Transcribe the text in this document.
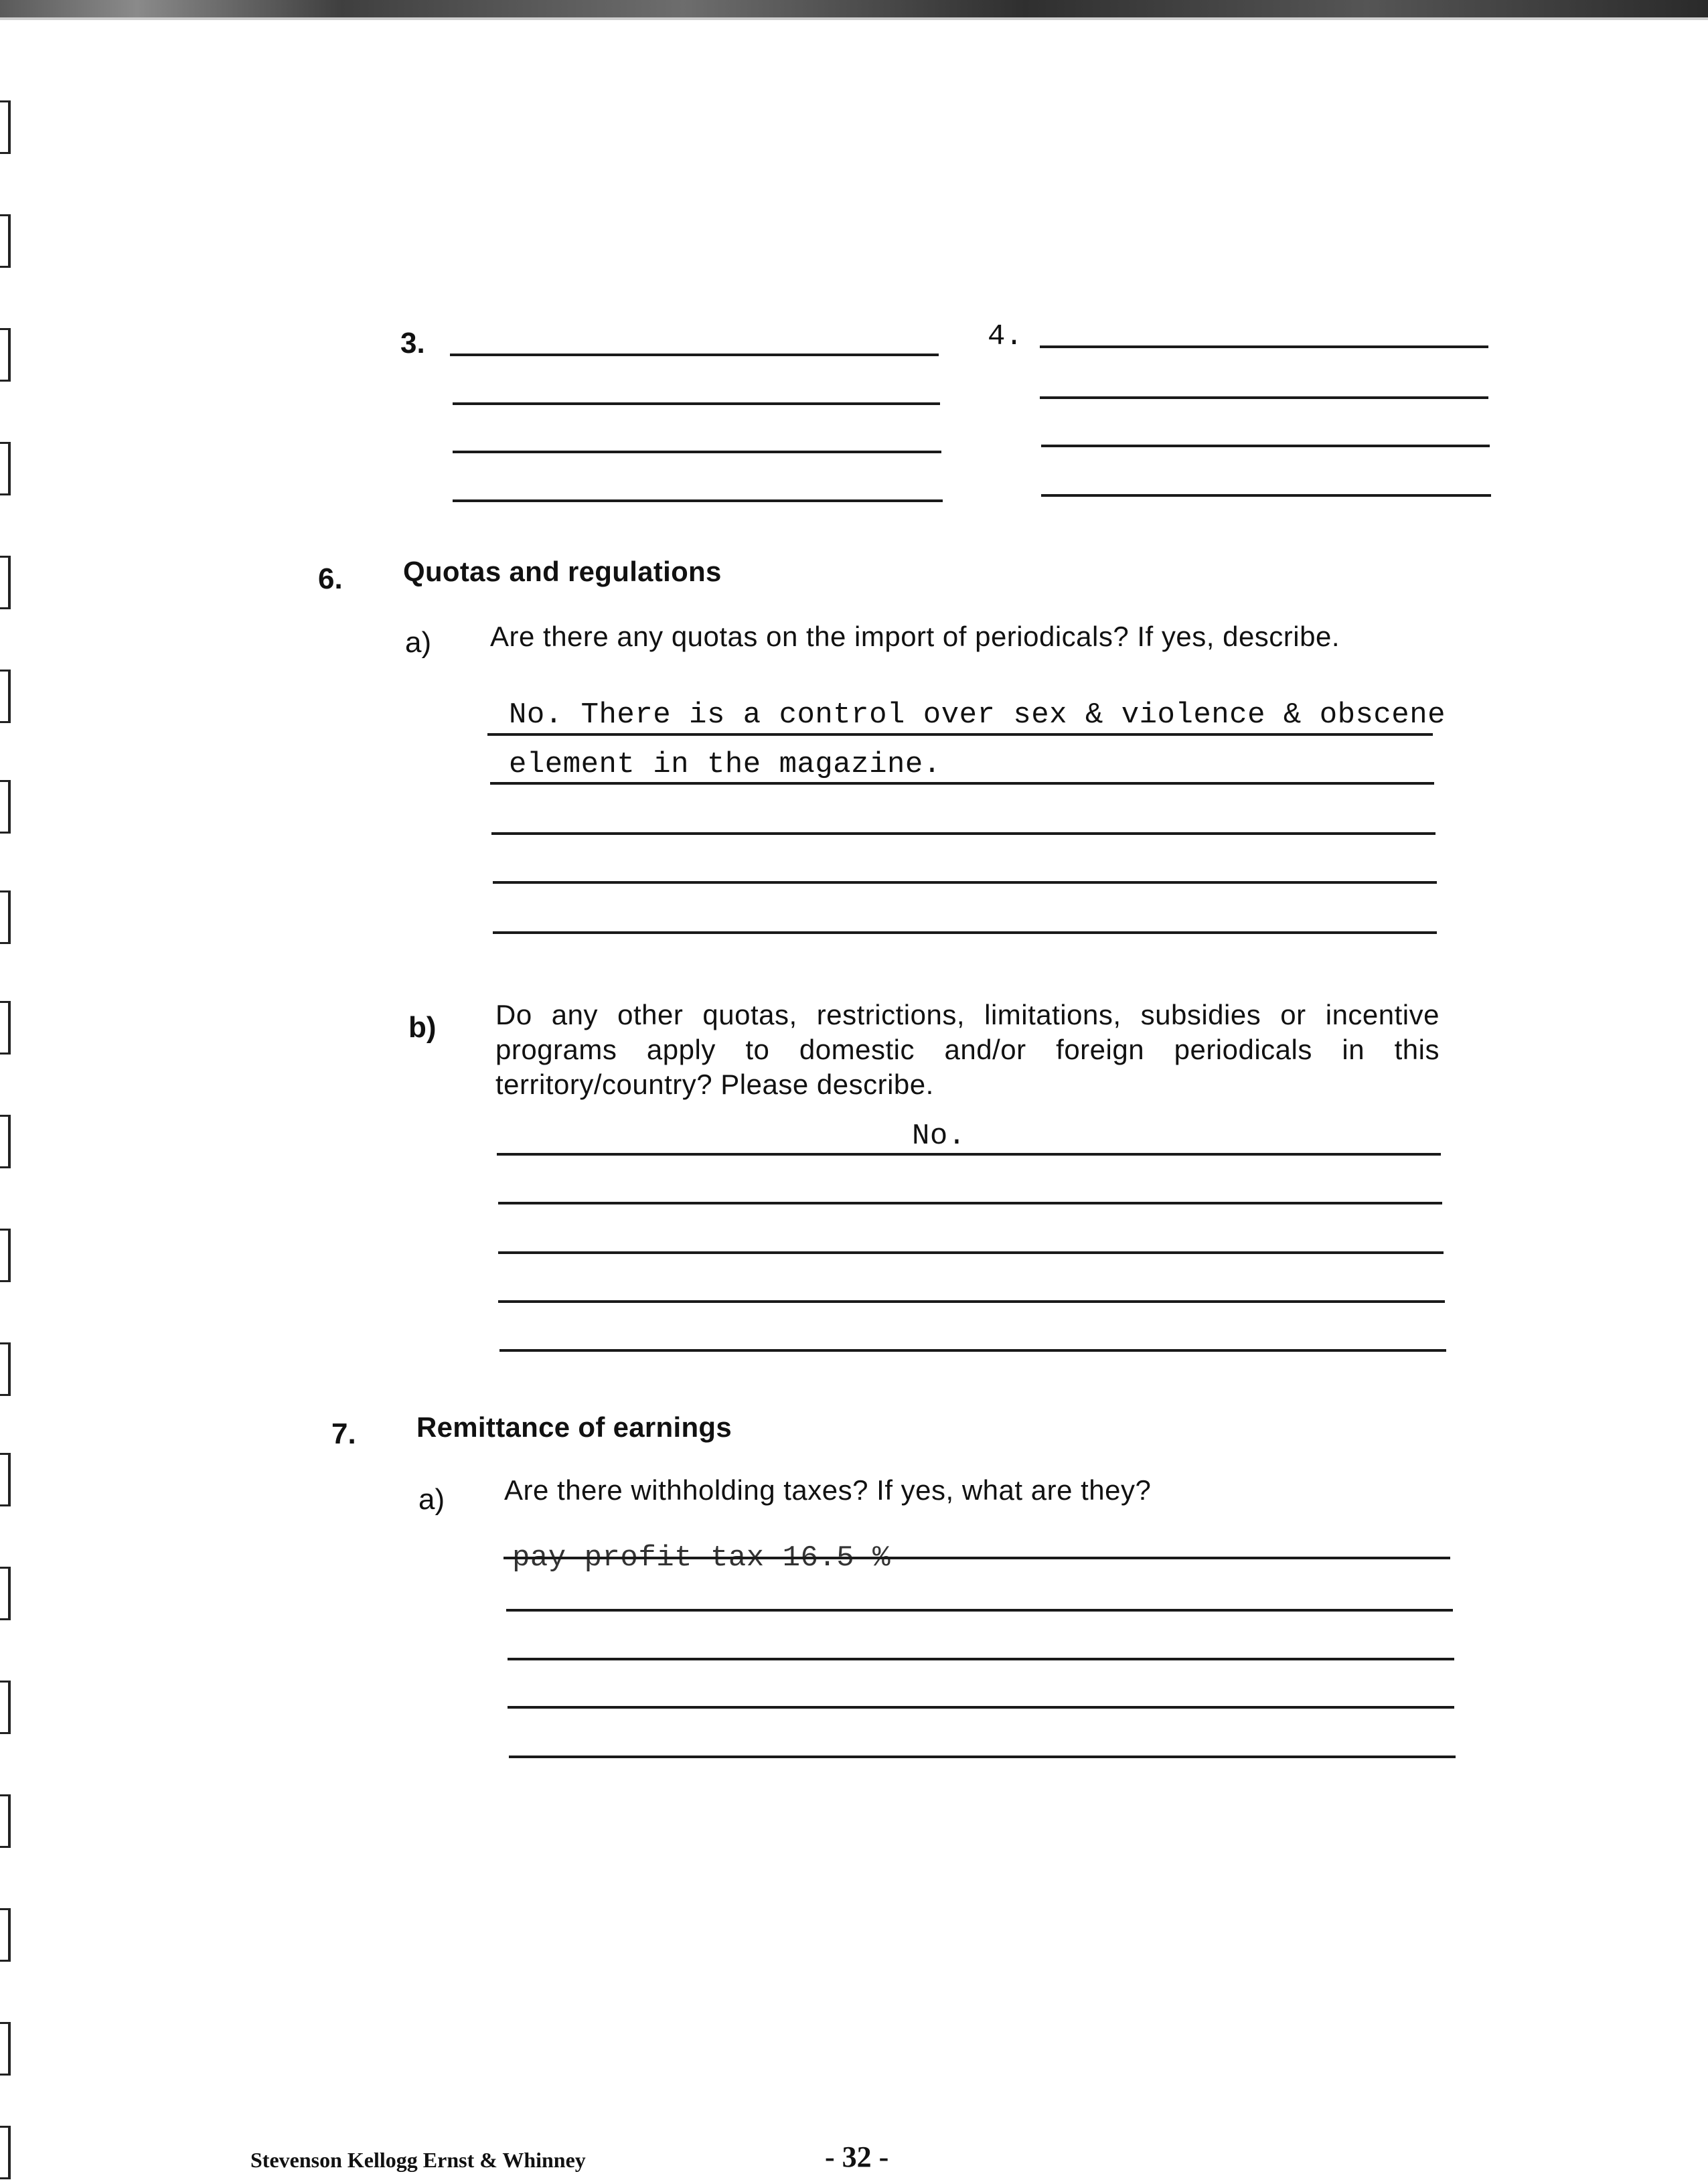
3.	4.
6. Quotas and regulations
a) Are there any quotas on the import of periodicals? If yes, describe.
No. There is a control over sex & violence & obscene
element in the magazine.
b) Do any other quotas, restrictions, limitations, subsidies or incentive programs apply to domestic and/or foreign periodicals in this territory/country? Please describe.
No.
7. Remittance of earnings
a) Are there withholding taxes? If yes, what are they?
pay profit tax 16.5 %
Stevenson Kellogg Ernst & Whinney	- 32 -
